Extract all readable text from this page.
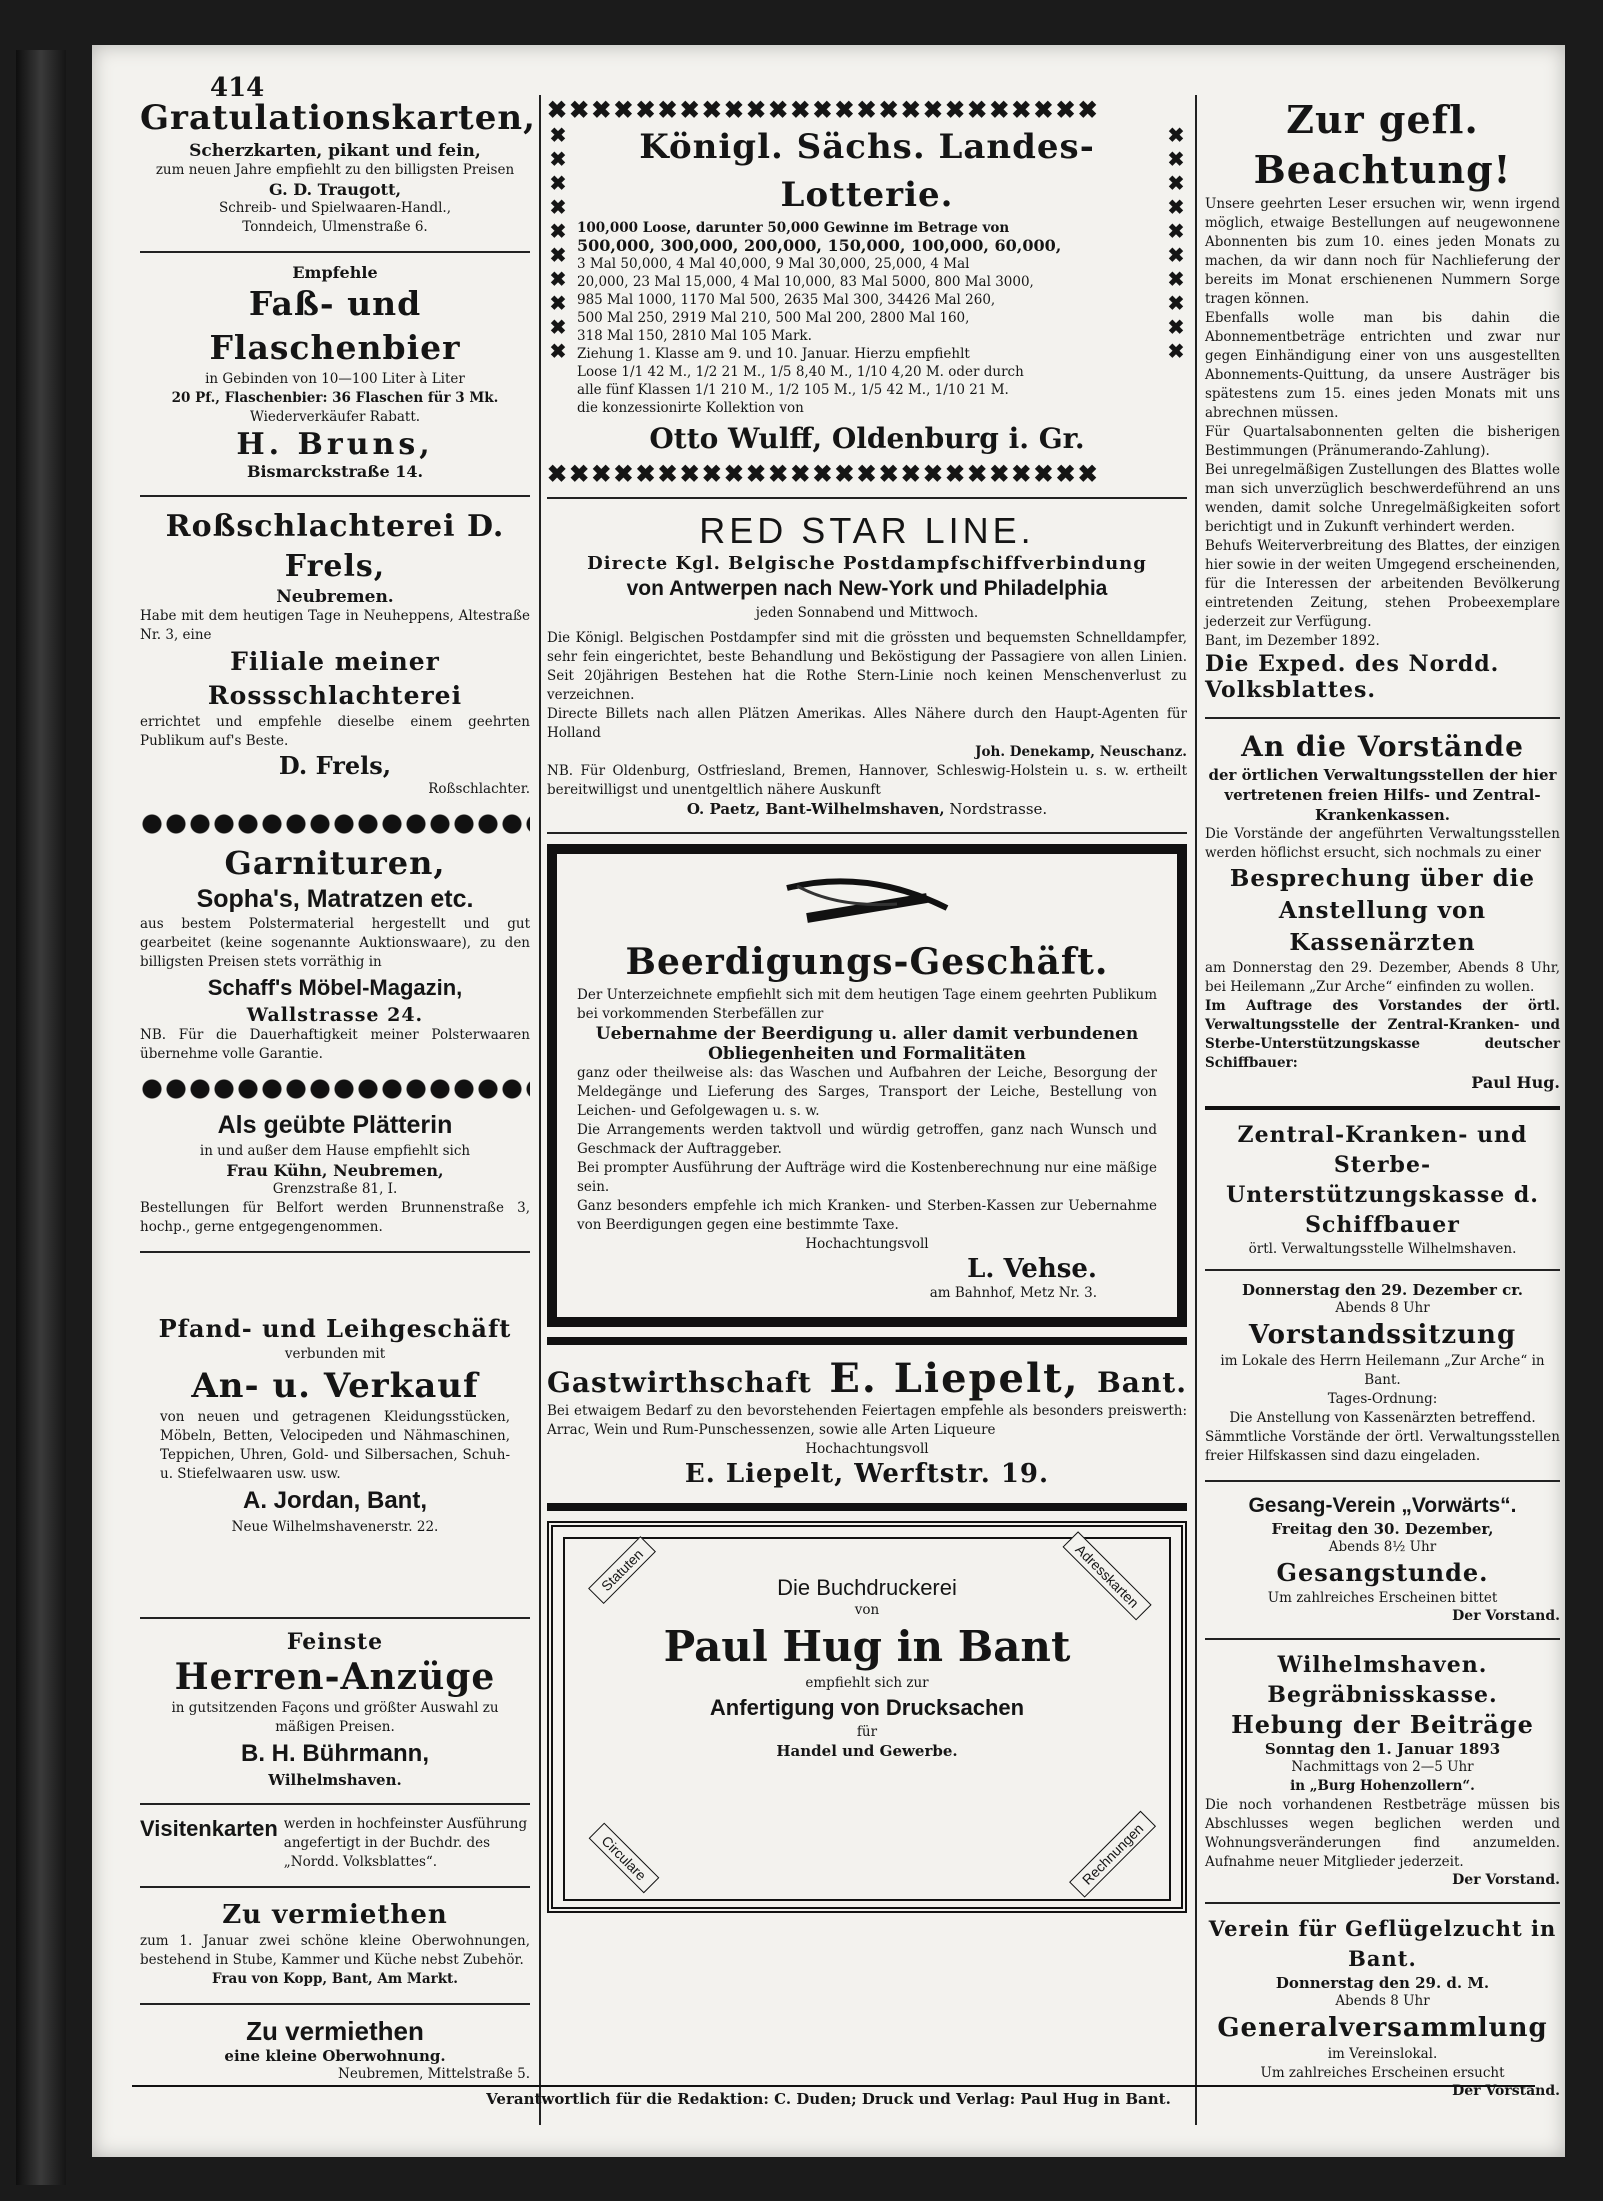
414
Gratulationskarten,
Scherzkarten, pikant und fein,
zum neuen Jahre empfiehlt zu den billigsten Preisen
G. D. Traugott,
Schreib- und Spielwaaren-Handl.,
Tonndeich, Ulmenstraße 6.
Empfehle
Faß- und Flaschenbier
in Gebinden von 10—100 Liter à Liter
20 Pf., Flaschenbier: 36 Flaschen für 3 Mk.
Wiederverkäufer Rabatt.
H. Bruns,
Bismarckstraße 14.
Roßschlachterei D. Frels,
Neubremen.
Habe mit dem heutigen Tage in Neuheppens, Altestraße Nr. 3, eine
Filiale meiner Rossschlachterei
errichtet und empfehle dieselbe einem geehrten Publikum auf's Beste.
D. Frels,
Roßschlachter.
Garnituren,
Sopha's, Matratzen etc.
aus bestem Polstermaterial hergestellt und gut gearbeitet (keine sogenannte Auktionswaare), zu den billigsten Preisen stets vorräthig in
Schaff's Möbel-Magazin,
Wallstrasse 24.
NB. Für die Dauerhaftigkeit meiner Polsterwaaren übernehme volle Garantie.
Als geübte Plätterin
in und außer dem Hause empfiehlt sich
Frau Kühn, Neubremen,
Grenzstraße 81, I.
Bestellungen für Belfort werden Brunnenstraße 3, hochp., gerne entgegengenommen.
Pfand- und Leihgeschäft
verbunden mit
An- u. Verkauf
von neuen und getragenen Kleidungsstücken, Möbeln, Betten, Velocipeden und Nähmaschinen, Teppichen, Uhren, Gold- und Silbersachen, Schuh- u. Stiefelwaaren usw. usw.
A. Jordan, Bant,
Neue Wilhelmshavenerstr. 22.
Feinste
Herren-Anzüge
in gutsitzenden Façons und größter Auswahl zu mäßigen Preisen.
B. H. Bührmann,
Wilhelmshaven.
Visitenkarten werden in hochfeinster Ausführung angefertigt in der Buchdr. des „Nordd. Volksblattes“.
Zu vermiethen
zum 1. Januar zwei schöne kleine Oberwohnungen, bestehend in Stube, Kammer und Küche nebst Zubehör.
Frau von Kopp, Bant, Am Markt.
Zu vermiethen
eine kleine Oberwohnung.
Neubremen, Mittelstraße 5.
✖✖✖✖✖✖✖✖✖✖✖✖✖✖✖✖✖✖✖✖✖✖✖✖✖
✖✖✖✖✖✖✖✖✖✖
✖✖✖✖✖✖✖✖✖✖
Königl. Sächs. Landes-Lotterie.
100,000 Loose, darunter 50,000 Gewinne im Betrage von
500,000, 300,000, 200,000, 150,000, 100,000, 60,000,
3 Mal 50,000, 4 Mal 40,000, 9 Mal 30,000, 25,000, 4 Mal
20,000, 23 Mal 15,000, 4 Mal 10,000, 83 Mal 5000, 800 Mal 3000,
985 Mal 1000, 1170 Mal 500, 2635 Mal 300, 34426 Mal 260,
500 Mal 250, 2919 Mal 210, 500 Mal 200, 2800 Mal 160,
318 Mal 150, 2810 Mal 105 Mark.
Ziehung 1. Klasse am 9. und 10. Januar. Hierzu empfiehlt
Loose 1/1 42 M., 1/2 21 M., 1/5 8,40 M., 1/10 4,20 M. oder durch
alle fünf Klassen 1/1 210 M., 1/2 105 M., 1/5 42 M., 1/10 21 M.
die konzessionirte Kollektion von
Otto Wulff, Oldenburg i. Gr.
✖✖✖✖✖✖✖✖✖✖✖✖✖✖✖✖✖✖✖✖✖✖✖✖✖
RED STAR LINE.
Directe Kgl. Belgische Postdampfschiffverbindung
von Antwerpen nach New-York und Philadelphia
jeden Sonnabend und Mittwoch.
Die Königl. Belgischen Postdampfer sind mit die grössten und bequemsten Schnelldampfer, sehr fein eingerichtet, beste Behandlung und Beköstigung der Passagiere von allen Linien. Seit 20jährigen Bestehen hat die Rothe Stern-Linie noch keinen Menschenverlust zu verzeichnen.
Directe Billets nach allen Plätzen Amerikas. Alles Nähere durch den Haupt-Agenten für Holland
Joh. Denekamp, Neuschanz.
NB. Für Oldenburg, Ostfriesland, Bremen, Hannover, Schleswig-Holstein u. s. w. ertheilt bereitwilligst und unentgeltlich nähere Auskunft
O. Paetz, Bant-Wilhelmshaven, Nordstrasse.
Beerdigungs-Geschäft.
Der Unterzeichnete empfiehlt sich mit dem heutigen Tage einem geehrten Publikum bei vorkommenden Sterbefällen zur
Uebernahme der Beerdigung u. aller damit verbundenen
Obliegenheiten und Formalitäten
ganz oder theilweise als: das Waschen und Aufbahren der Leiche, Besorgung der Meldegänge und Lieferung des Sarges, Transport der Leiche, Bestellung von Leichen- und Gefolgewagen u. s. w.
Die Arrangements werden taktvoll und würdig getroffen, ganz nach Wunsch und Geschmack der Auftraggeber.
Bei prompter Ausführung der Aufträge wird die Kostenberechnung nur eine mäßige sein.
Ganz besonders empfehle ich mich Kranken- und Sterben-Kassen zur Uebernahme von Beerdigungen gegen eine bestimmte Taxe.
Hochachtungsvoll
L. Vehse.
am Bahnhof, Metz Nr. 3.
Gastwirthschaft E. Liepelt, Bant.
Bei etwaigem Bedarf zu den bevorstehenden Feiertagen empfehle als besonders preiswerth: Arrac, Wein und Rum-Punschessenzen, sowie alle Arten Liqueure
Hochachtungsvoll
E. Liepelt, Werftstr. 19.
Statuten	Adresskarten
Circulare	Rechnungen
Die Buchdruckerei
von
Paul Hug in Bant
empfiehlt sich zur
Anfertigung von Drucksachen
für
Handel und Gewerbe.
Zur gefl. Beachtung!
Unsere geehrten Leser ersuchen wir, wenn irgend möglich, etwaige Bestellungen auf neugewonnene Abonnenten bis zum 10. eines jeden Monats zu machen, da wir dann noch für Nachlieferung der bereits im Monat erschienenen Nummern Sorge tragen können.
Ebenfalls wolle man bis dahin die Abonnementbeträge entrichten und zwar nur gegen Einhändigung einer von uns ausgestellten Abonnements-Quittung, da unsere Austräger bis spätestens zum 15. eines jeden Monats mit uns abrechnen müssen.
Für Quartalsabonnenten gelten die bisherigen Bestimmungen (Pränumerando-Zahlung).
Bei unregelmäßigen Zustellungen des Blattes wolle man sich unverzüglich beschwerdeführend an uns wenden, damit solche Unregelmäßigkeiten sofort berichtigt und in Zukunft verhindert werden.
Behufs Weiterverbreitung des Blattes, der einzigen hier sowie in der weiten Umgegend erscheinenden, für die Interessen der arbeitenden Bevölkerung eintretenden Zeitung, stehen Probeexemplare jederzeit zur Verfügung.
Bant, im Dezember 1892.
Die Exped. des Nordd. Volksblattes.
An die Vorstände
der örtlichen Verwaltungsstellen der hier vertretenen freien Hilfs- und Zentral-Krankenkassen.
Die Vorstände der angeführten Verwaltungsstellen werden höflichst ersucht, sich nochmals zu einer
Besprechung über die Anstellung von Kassenärzten
am Donnerstag den 29. Dezember, Abends 8 Uhr, bei Heilemann „Zur Arche“ einfinden zu wollen.
Im Auftrage des Vorstandes der örtl. Verwaltungsstelle der Zentral-Kranken- und Sterbe-Unterstützungskasse deutscher Schiffbauer:
Paul Hug.
Zentral-Kranken- und Sterbe-Unterstützungskasse d. Schiffbauer
örtl. Verwaltungsstelle Wilhelmshaven.
Donnerstag den 29. Dezember cr.
Abends 8 Uhr
Vorstandssitzung
im Lokale des Herrn Heilemann „Zur Arche“ in Bant.
Tages-Ordnung:
Die Anstellung von Kassenärzten betreffend.
Sämmtliche Vorstände der örtl. Verwaltungsstellen freier Hilfskassen sind dazu eingeladen.
Gesang-Verein „Vorwärts“.
Freitag den 30. Dezember,
Abends 8½ Uhr
Gesangstunde.
Um zahlreiches Erscheinen bittet
Der Vorstand.
Wilhelmshaven. Begräbnisskasse.
Hebung der Beiträge
Sonntag den 1. Januar 1893
Nachmittags von 2—5 Uhr
in „Burg Hohenzollern“.
Die noch vorhandenen Restbeträge müssen bis Abschlusses wegen beglichen werden und Wohnungsveränderungen find anzumelden. Aufnahme neuer Mitglieder jederzeit.
Der Vorstand.
Verein für Geflügelzucht in Bant.
Donnerstag den 29. d. M.
Abends 8 Uhr
Generalversammlung
im Vereinslokal.
Um zahlreiches Erscheinen ersucht
Der Vorstand.
Verantwortlich für die Redaktion: C. Duden; Druck und Verlag: Paul Hug in Bant.
